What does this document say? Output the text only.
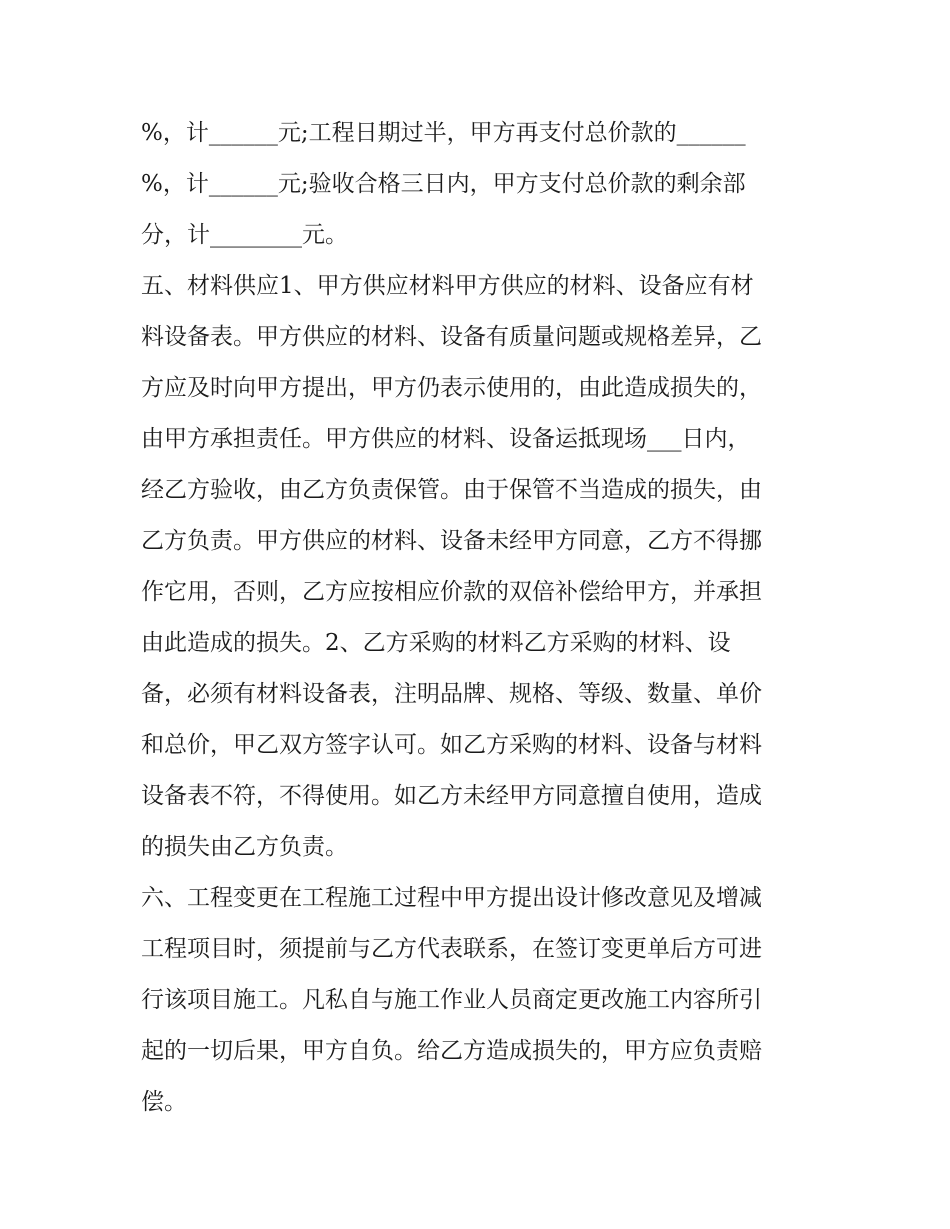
%，计______元;工程日期过半，甲方再支付总价款的______
%，计______元;验收合格三日内，甲方支付总价款的剩余部
分，计________元。
五、材料供应1、甲方供应材料甲方供应的材料、设备应有材
料设备表。甲方供应的材料、设备有质量问题或规格差异，乙
方应及时向甲方提出，甲方仍表示使用的，由此造成损失的，
由甲方承担责任。甲方供应的材料、设备运抵现场___日内，
经乙方验收，由乙方负责保管。由于保管不当造成的损失，由
乙方负责。甲方供应的材料、设备未经甲方同意，乙方不得挪
作它用，否则，乙方应按相应价款的双倍补偿给甲方，并承担
由此造成的损失。2、乙方采购的材料乙方采购的材料、设
备，必须有材料设备表，注明品牌、规格、等级、数量、单价
和总价，甲乙双方签字认可。如乙方采购的材料、设备与材料
设备表不符，不得使用。如乙方未经甲方同意擅自使用，造成
的损失由乙方负责。
六、工程变更在工程施工过程中甲方提出设计修改意见及增减
工程项目时，须提前与乙方代表联系，在签订变更单后方可进
行该项目施工。凡私自与施工作业人员商定更改施工内容所引
起的一切后果，甲方自负。给乙方造成损失的，甲方应负责赔
偿。
